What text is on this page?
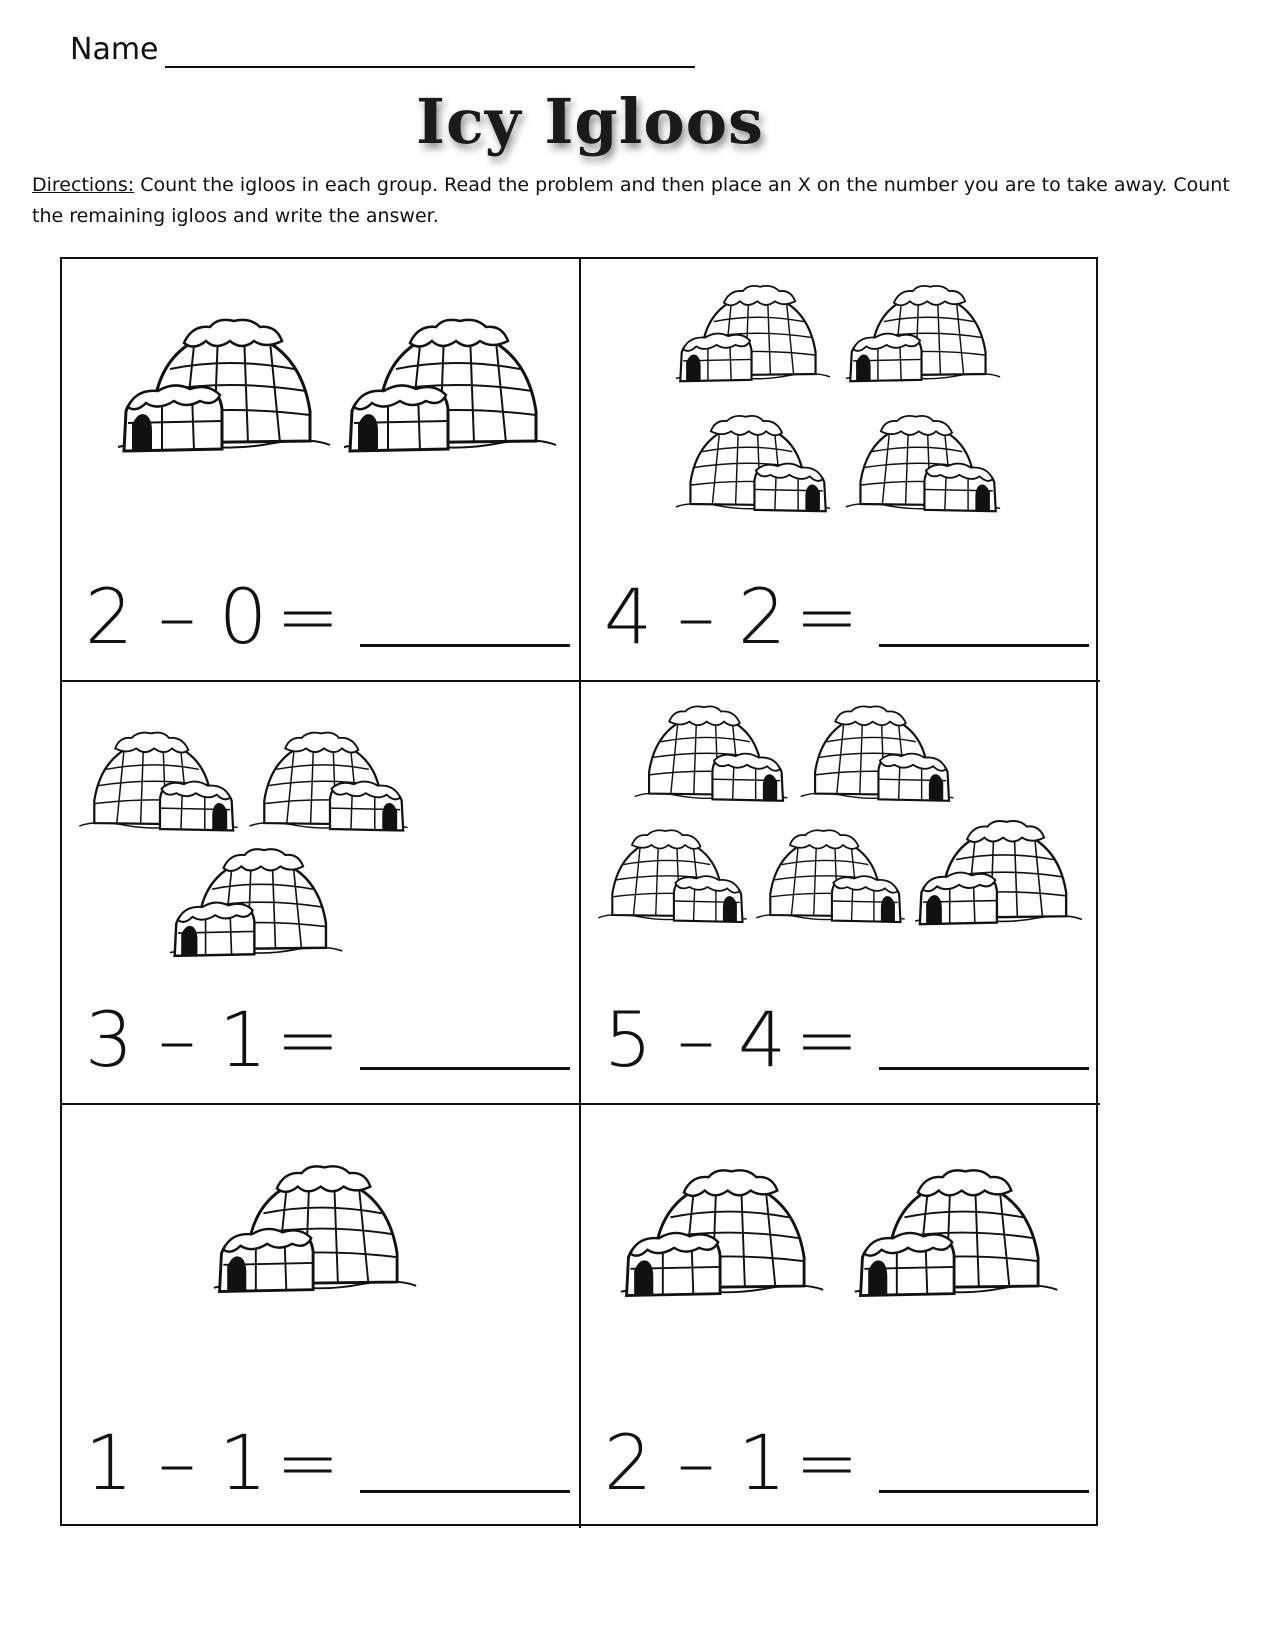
Name
Icy Igloos
Directions: Count the igloos in each group. Read the problem and then place an X on the number you are to take away. Count the remaining igloos and write the answer.
2 – 0 =	4 – 2 =
3 – 1 =	5 – 4 =
1 – 1 =	2 – 1 =
